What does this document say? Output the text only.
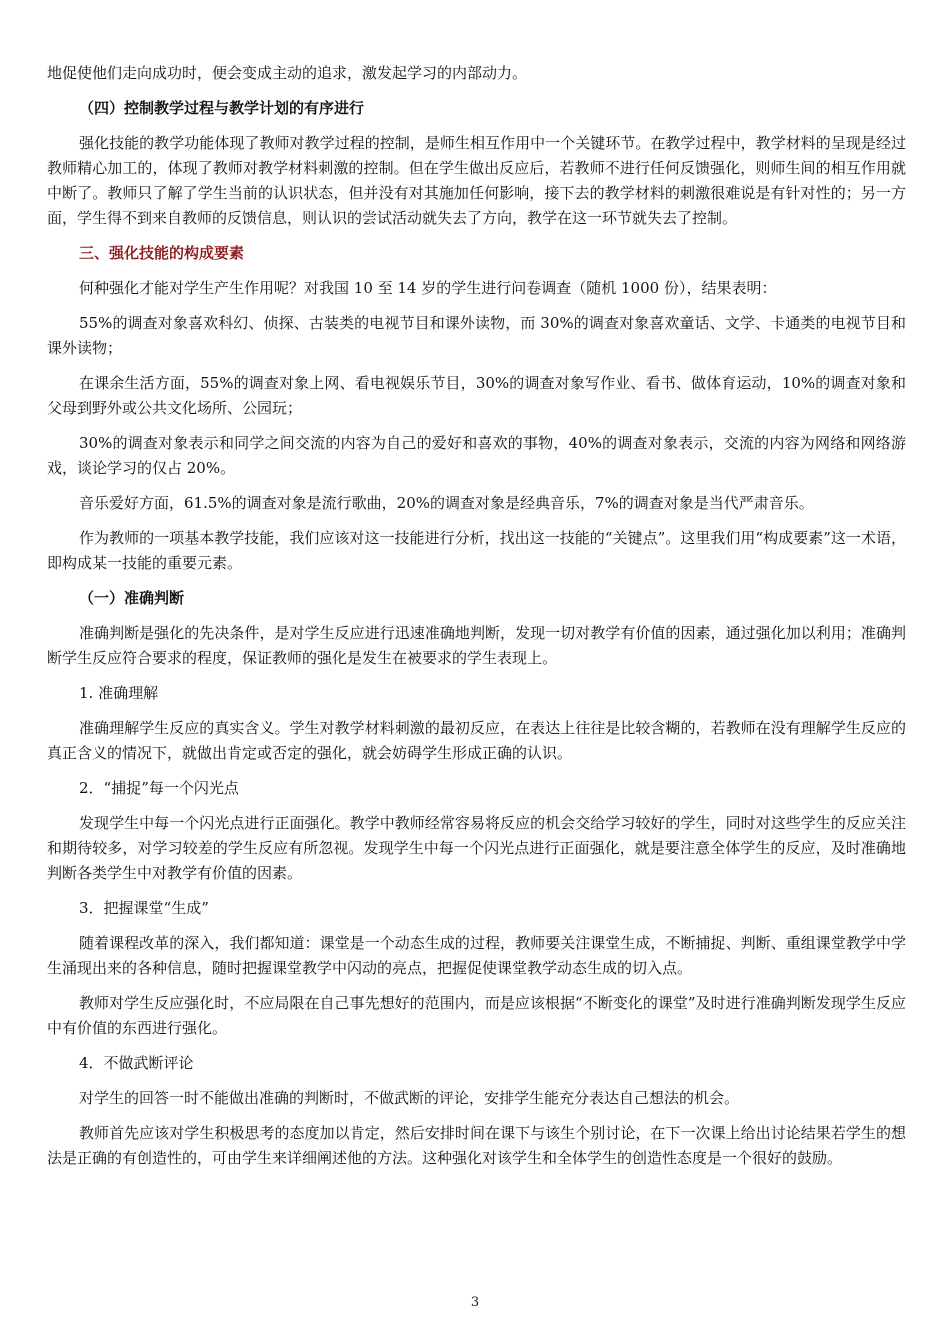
地促使他们走向成功时，便会变成主动的追求，激发起学习的内部动力。

（四）控制教学过程与教学计划的有序进行

强化技能的教学功能体现了教师对教学过程的控制，是师生相互作用中一个关键环节。在教学过程中，教学材料的呈现是经过教师精心加工的，体现了教师对教学材料刺激的控制。但在学生做出反应后，若教师不进行任何反馈强化，则师生间的相互作用就中断了。教师只了解了学生当前的认识状态，但并没有对其施加任何影响，接下去的教学材料的刺激很难说是有针对性的；另一方面，学生得不到来自教师的反馈信息，则认识的尝试活动就失去了方向，教学在这一环节就失去了控制。

三、强化技能的构成要素

何种强化才能对学生产生作用呢？对我国 10 至 14 岁的学生进行问卷调查（随机 1000 份），结果表明：

55%的调查对象喜欢科幻、侦探、古装类的电视节目和课外读物，而 30%的调查对象喜欢童话、文学、卡通类的电视节目和课外读物；

在课余生活方面，55%的调查对象上网、看电视娱乐节目，30%的调查对象写作业、看书、做体育运动，10%的调查对象和父母到野外或公共文化场所、公园玩；

30%的调查对象表示和同学之间交流的内容为自己的爱好和喜欢的事物，40%的调查对象表示，交流的内容为网络和网络游戏，谈论学习的仅占 20%。

音乐爱好方面，61.5%的调查对象是流行歌曲，20%的调查对象是经典音乐，7%的调查对象是当代严肃音乐。

作为教师的一项基本教学技能，我们应该对这一技能进行分析，找出这一技能的“关键点”。这里我们用“构成要素”这一术语，即构成某一技能的重要元素。

（一）准确判断

准确判断是强化的先决条件，是对学生反应进行迅速准确地判断，发现一切对教学有价值的因素，通过强化加以利用；准确判断学生反应符合要求的程度，保证教师的强化是发生在被要求的学生表现上。

1. 准确理解

准确理解学生反应的真实含义。学生对教学材料刺激的最初反应，在表达上往往是比较含糊的，若教师在没有理解学生反应的真正含义的情况下，就做出肯定或否定的强化，就会妨碍学生形成正确的认识。

2．“捕捉”每一个闪光点

发现学生中每一个闪光点进行正面强化。教学中教师经常容易将反应的机会交给学习较好的学生，同时对这些学生的反应关注和期待较多，对学习较差的学生反应有所忽视。发现学生中每一个闪光点进行正面强化，就是要注意全体学生的反应，及时准确地判断各类学生中对教学有价值的因素。

3．把握课堂“生成”

随着课程改革的深入，我们都知道：课堂是一个动态生成的过程，教师要关注课堂生成，不断捕捉、判断、重组课堂教学中学生涌现出来的各种信息，随时把握课堂教学中闪动的亮点，把握促使课堂教学动态生成的切入点。

教师对学生反应强化时，不应局限在自己事先想好的范围内，而是应该根据“不断变化的课堂”及时进行准确判断发现学生反应中有价值的东西进行强化。

4．不做武断评论

对学生的回答一时不能做出准确的判断时，不做武断的评论，安排学生能充分表达自己想法的机会。

教师首先应该对学生积极思考的态度加以肯定，然后安排时间在课下与该生个别讨论，在下一次课上给出讨论结果若学生的想法是正确的有创造性的，可由学生来详细阐述他的方法。这种强化对该学生和全体学生的创造性态度是一个很好的鼓励。

3
